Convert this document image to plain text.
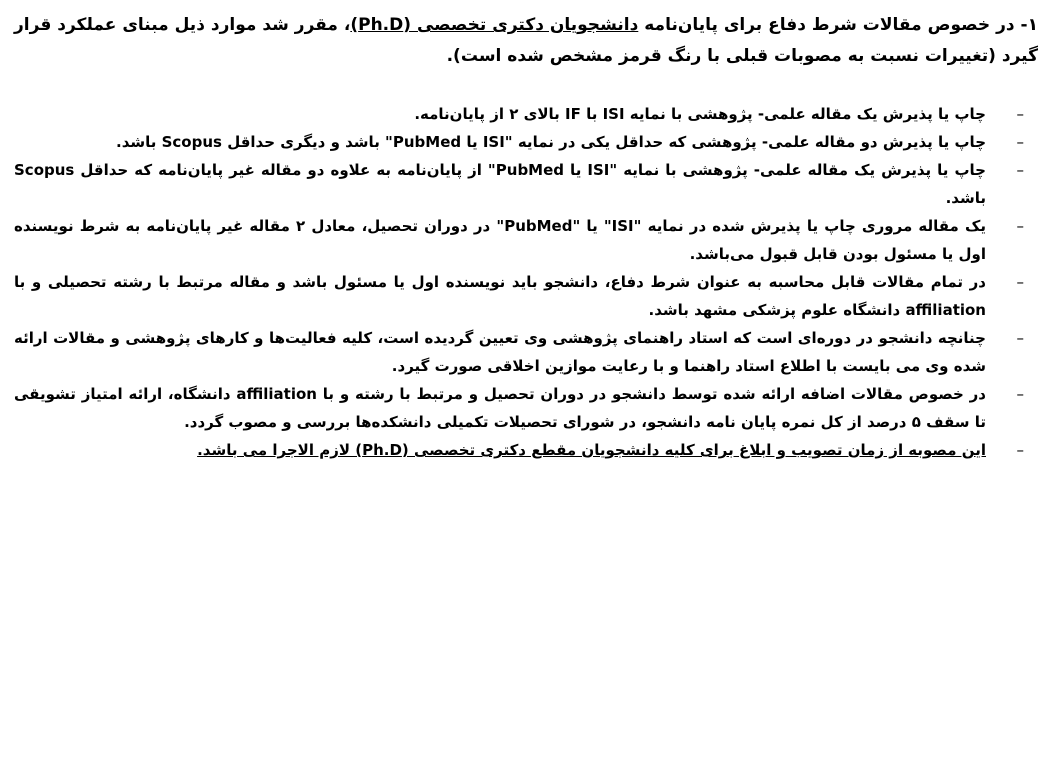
۱- در خصوص مقالات شرط دفاع برای پایان‌نامه دانشجویان دکتری تخصصی (Ph.D)، مقرر شد موارد ذیل مبنای عملکرد قرار گیرد (تغییرات نسبت به مصوبات قبلی با رنگ قرمز مشخص شده است).

–
چاپ یا پذیرش یک مقاله علمی- پژوهشی با نمایه ISI با IF بالای ۲ از پایان‌نامه.
–
چاپ یا پذیرش دو مقاله علمی- پژوهشی که حداقل یکی در نمایه "ISI یا PubMed" باشد و دیگری حداقل Scopus باشد.
–
چاپ یا پذیرش یک مقاله علمی- پژوهشی با نمایه "ISI یا PubMed" از پایان‌نامه به علاوه دو مقاله غیر پایان‌نامه که حداقل Scopus باشد.
–
یک مقاله مروری چاپ یا پذیرش شده در نمایه "ISI" یا "PubMed" در دوران تحصیل، معادل ۲ مقاله غیر پایان‌نامه به شرط نویسنده اول یا مسئول بودن قابل قبول می‌باشد.
–
در تمام مقالات قابل محاسبه به عنوان شرط دفاع، دانشجو باید نویسنده اول یا مسئول باشد و مقاله مرتبط با رشته تحصیلی و با affiliation دانشگاه علوم پزشکی مشهد باشد.
–
چنانچه دانشجو در دوره‌ای است که استاد راهنمای پژوهشی وی تعیین گردیده است، کلیه فعالیت‌ها و کارهای پژوهشی و مقالات ارائه شده وی می بایست با اطلاع استاد راهنما و با رعایت موازین اخلاقی صورت گیرد.
–
در خصوص مقالات اضافه ارائه شده توسط دانشجو در دوران تحصیل و مرتبط با رشته و با affiliation دانشگاه، ارائه امتیاز تشویقی تا سقف ۵ درصد از کل نمره پایان نامه دانشجو، در شورای تحصیلات تکمیلی دانشکده‌ها بررسی و مصوب گردد.
–
این مصوبه از زمان تصویب و ابلاغ برای کلیه دانشجویان مقطع دکتری تخصصی (Ph.D) لازم الاجرا می باشد.
